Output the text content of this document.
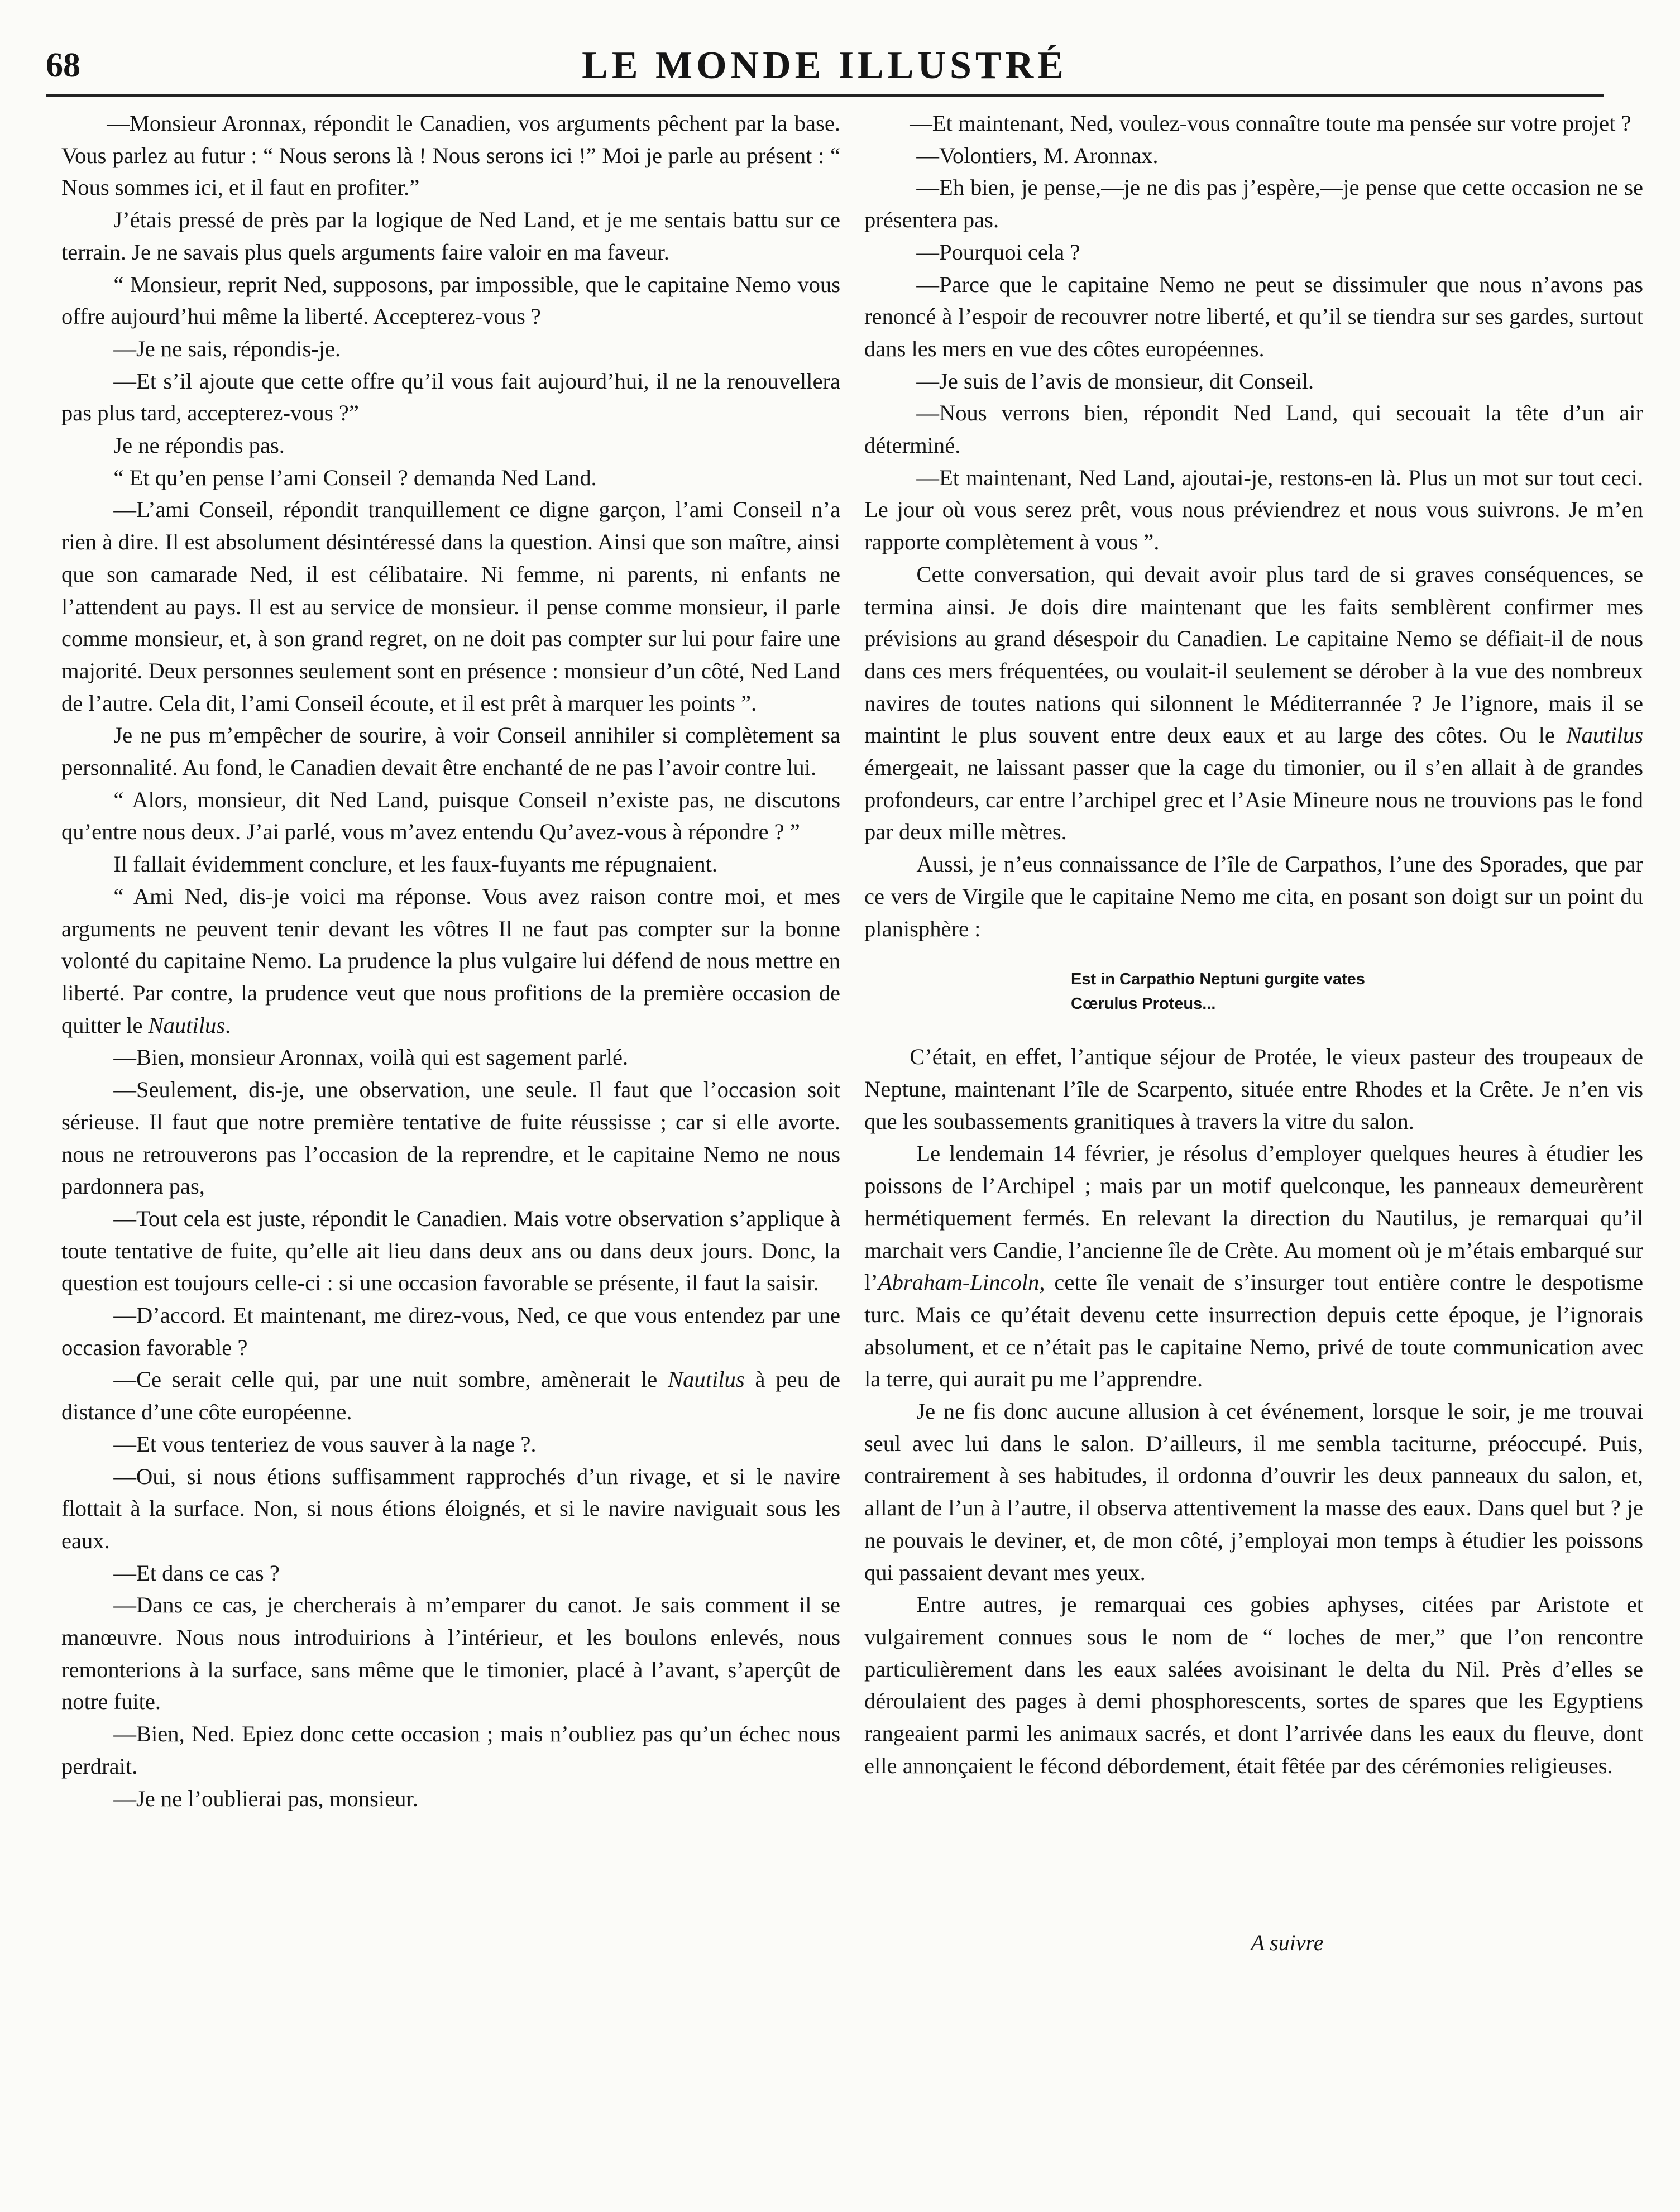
68	LE MONDE ILLUSTRÉ

—Monsieur Aronnax, répondit le Canadien, vos arguments pêchent par la base. Vous parlez au futur : “ Nous serons là ! Nous serons ici !” Moi je parle au présent : “ Nous sommes ici, et il faut en profiter.”

J’étais pressé de près par la logique de Ned Land, et je me sentais battu sur ce terrain. Je ne savais plus quels arguments faire valoir en ma faveur.

“ Monsieur, reprit Ned, supposons, par impossible, que le capitaine Nemo vous offre aujourd’hui même la liberté. Accepterez-vous ?

—Je ne sais, répondis-je.

—Et s’il ajoute que cette offre qu’il vous fait aujourd’hui, il ne la renouvellera pas plus tard, accepterez-vous ?”

Je ne répondis pas.

“ Et qu’en pense l’ami Conseil ? demanda Ned Land.

—L’ami Conseil, répondit tranquillement ce digne garçon, l’ami Conseil n’a rien à dire. Il est absolument désintéressé dans la question. Ainsi que son maître, ainsi que son camarade Ned, il est célibataire. Ni femme, ni parents, ni enfants ne l’attendent au pays. Il est au service de monsieur. il pense comme monsieur, il parle comme monsieur, et, à son grand regret, on ne doit pas compter sur lui pour faire une majorité. Deux personnes seulement sont en présence : monsieur d’un côté, Ned Land de l’autre. Cela dit, l’ami Conseil écoute, et il est prêt à marquer les points ”.

Je ne pus m’empêcher de sourire, à voir Conseil annihiler si complètement sa personnalité. Au fond, le Canadien devait être enchanté de ne pas l’avoir contre lui.

“ Alors, monsieur, dit Ned Land, puisque Conseil n’existe pas, ne discutons qu’entre nous deux. J’ai parlé, vous m’avez entendu Qu’avez-vous à répondre ? ”

Il fallait évidemment conclure, et les faux-fuyants me répugnaient.

“ Ami Ned, dis-je voici ma réponse. Vous avez raison contre moi, et mes arguments ne peuvent tenir devant les vôtres Il ne faut pas compter sur la bonne volonté du capitaine Nemo. La prudence la plus vulgaire lui défend de nous mettre en liberté. Par contre, la prudence veut que nous profitions de la première occasion de quitter le Nautilus.

—Bien, monsieur Aronnax, voilà qui est sagement parlé.

—Seulement, dis-je, une observation, une seule. Il faut que l’occasion soit sérieuse. Il faut que notre première tentative de fuite réussisse ; car si elle avorte. nous ne retrouverons pas l’occasion de la reprendre, et le capitaine Nemo ne nous pardonnera pas,

—Tout cela est juste, répondit le Canadien. Mais votre observation s’applique à toute tentative de fuite, qu’elle ait lieu dans deux ans ou dans deux jours. Donc, la question est toujours celle-ci : si une occasion favorable se présente, il faut la saisir.

—D’accord. Et maintenant, me direz-vous, Ned, ce que vous entendez par une occasion favorable ?

—Ce serait celle qui, par une nuit sombre, amènerait le Nautilus à peu de distance d’une côte européenne.

—Et vous tenteriez de vous sauver à la nage ?.

—Oui, si nous étions suffisamment rapprochés d’un rivage, et si le navire flottait à la surface. Non, si nous étions éloignés, et si le navire naviguait sous les eaux.

—Et dans ce cas ?

—Dans ce cas, je chercherais à m’emparer du canot. Je sais comment il se manœuvre. Nous nous introduirions à l’intérieur, et les boulons enlevés, nous remonterions à la surface, sans même que le timonier, placé à l’avant, s’aperçût de notre fuite.

—Bien, Ned. Epiez donc cette occasion ; mais n’oubliez pas qu’un échec nous perdrait.

—Je ne l’oublierai pas, monsieur.

—Et maintenant, Ned, voulez-vous connaître toute ma pensée sur votre projet ?

—Volontiers, M. Aronnax.

—Eh bien, je pense,—je ne dis pas j’espère,—je pense que cette occasion ne se présentera pas.

—Pourquoi cela ?

—Parce que le capitaine Nemo ne peut se dissimuler que nous n’avons pas renoncé à l’espoir de recouvrer notre liberté, et qu’il se tiendra sur ses gardes, surtout dans les mers en vue des côtes européennes.

—Je suis de l’avis de monsieur, dit Conseil.

—Nous verrons bien, répondit Ned Land, qui secouait la tête d’un air déterminé.

—Et maintenant, Ned Land, ajoutai-je, restons-en là. Plus un mot sur tout ceci. Le jour où vous serez prêt, vous nous préviendrez et nous vous suivrons. Je m’en rapporte complètement à vous ”.

Cette conversation, qui devait avoir plus tard de si graves conséquences, se termina ainsi. Je dois dire maintenant que les faits semblèrent confirmer mes prévisions au grand désespoir du Canadien. Le capitaine Nemo se défiait-il de nous dans ces mers fréquentées, ou voulait-il seulement se dérober à la vue des nombreux navires de toutes nations qui silonnent le Méditerrannée ? Je l’ignore, mais il se maintint le plus souvent entre deux eaux et au large des côtes. Ou le Nautilus émergeait, ne laissant passer que la cage du timonier, ou il s’en allait à de grandes profondeurs, car entre l’archipel grec et l’Asie Mineure nous ne trouvions pas le fond par deux mille mètres.

Aussi, je n’eus connaissance de l’île de Carpathos, l’une des Sporades, que par ce vers de Virgile que le capitaine Nemo me cita, en posant son doigt sur un point du planisphère :

Est in Carpathio Neptuni gurgite vates
Cœrulus Proteus...

C’était, en effet, l’antique séjour de Protée, le vieux pasteur des troupeaux de Neptune, maintenant l’île de Scarpento, située entre Rhodes et la Crête. Je n’en vis que les soubassements granitiques à travers la vitre du salon.

Le lendemain 14 février, je résolus d’employer quelques heures à étudier les poissons de l’Archipel ; mais par un motif quelconque, les panneaux demeurèrent hermétiquement fermés. En relevant la direction du Nautilus, je remarquai qu’il marchait vers Candie, l’ancienne île de Crète. Au moment où je m’étais embarqué sur l’Abraham-Lincoln, cette île venait de s’insurger tout entière contre le despotisme turc. Mais ce qu’était devenu cette insurrection depuis cette époque, je l’ignorais absolument, et ce n’était pas le capitaine Nemo, privé de toute communication avec la terre, qui aurait pu me l’apprendre.

Je ne fis donc aucune allusion à cet événement, lorsque le soir, je me trouvai seul avec lui dans le salon. D’ailleurs, il me sembla taciturne, préoccupé. Puis, contrairement à ses habitudes, il ordonna d’ouvrir les deux panneaux du salon, et, allant de l’un à l’autre, il observa attentivement la masse des eaux. Dans quel but ? je ne pouvais le deviner, et, de mon côté, j’employai mon temps à étudier les poissons qui passaient devant mes yeux.

Entre autres, je remarquai ces gobies aphyses, citées par Aristote et vulgairement connues sous le nom de “ loches de mer,” que l’on rencontre particulièrement dans les eaux salées avoisinant le delta du Nil. Près d’elles se déroulaient des pages à demi phosphorescents, sortes de spares que les Egyptiens rangeaient parmi les animaux sacrés, et dont l’arrivée dans les eaux du fleuve, dont elle annonçaient le fécond débordement, était fêtée par des cérémonies religieuses.

A suivre
